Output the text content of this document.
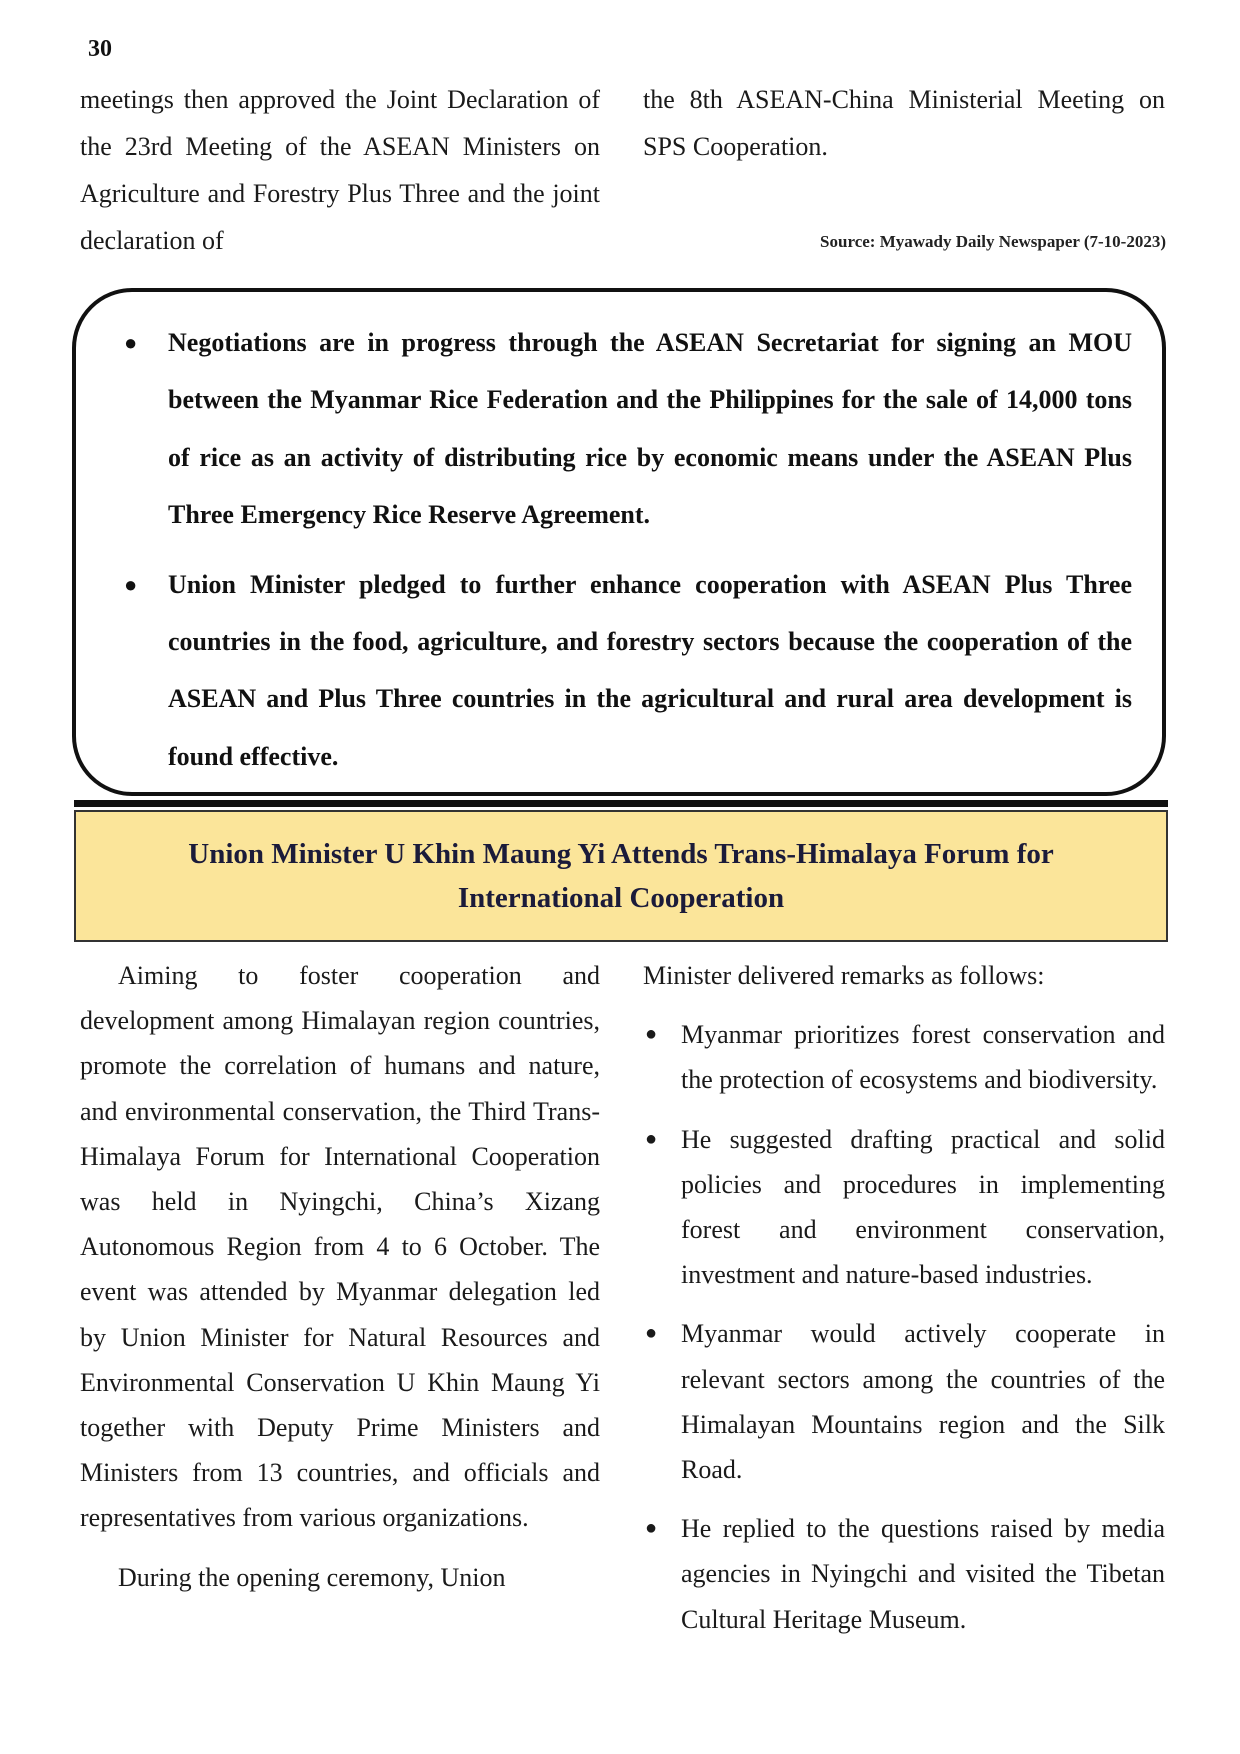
30

meetings then approved the Joint Declaration of the 23rd Meeting of the ASEAN Ministers on Agriculture and Forestry Plus Three and the joint declaration of

the 8th ASEAN-China Ministerial Meeting on SPS Cooperation.

Source: Myawady Daily Newspaper (7-10-2023)
● Negotiations are in progress through the ASEAN Secretariat for signing an MOU between the Myanmar Rice Federation and the Philippines for the sale of 14,000 tons of rice as an activity of distributing rice by economic means under the ASEAN Plus Three Emergency Rice Reserve Agreement.
● Union Minister pledged to further enhance cooperation with ASEAN Plus Three countries in the food, agriculture, and forestry sectors because the cooperation of the ASEAN and Plus Three countries in the agricultural and rural area development is found effective.
Union Minister U Khin Maung Yi Attends Trans-Himalaya Forum for
International Cooperation

Aiming to foster cooperation and development among Himalayan region countries, promote the correlation of humans and nature, and environmental conservation, the Third Trans-Himalaya Forum for International Cooperation was held in Nyingchi, China’s Xizang Autonomous Region from 4 to 6 October. The event was attended by Myanmar delegation led by Union Minister for Natural Resources and Environmental Conservation U Khin Maung Yi together with Deputy Prime Ministers and Ministers from 13 countries, and officials and representatives from various organizations.

During the opening ceremony, Union

Minister delivered remarks as follows:

● Myanmar prioritizes forest conservation and the protection of ecosystems and biodiversity.
● He suggested drafting practical and solid policies and procedures in implementing forest and environment conservation, investment and nature-based industries.
● Myanmar would actively cooperate in relevant sectors among the countries of the Himalayan Mountains region and the Silk Road.
● He replied to the questions raised by media agencies in Nyingchi and visited the Tibetan Cultural Heritage Museum.
